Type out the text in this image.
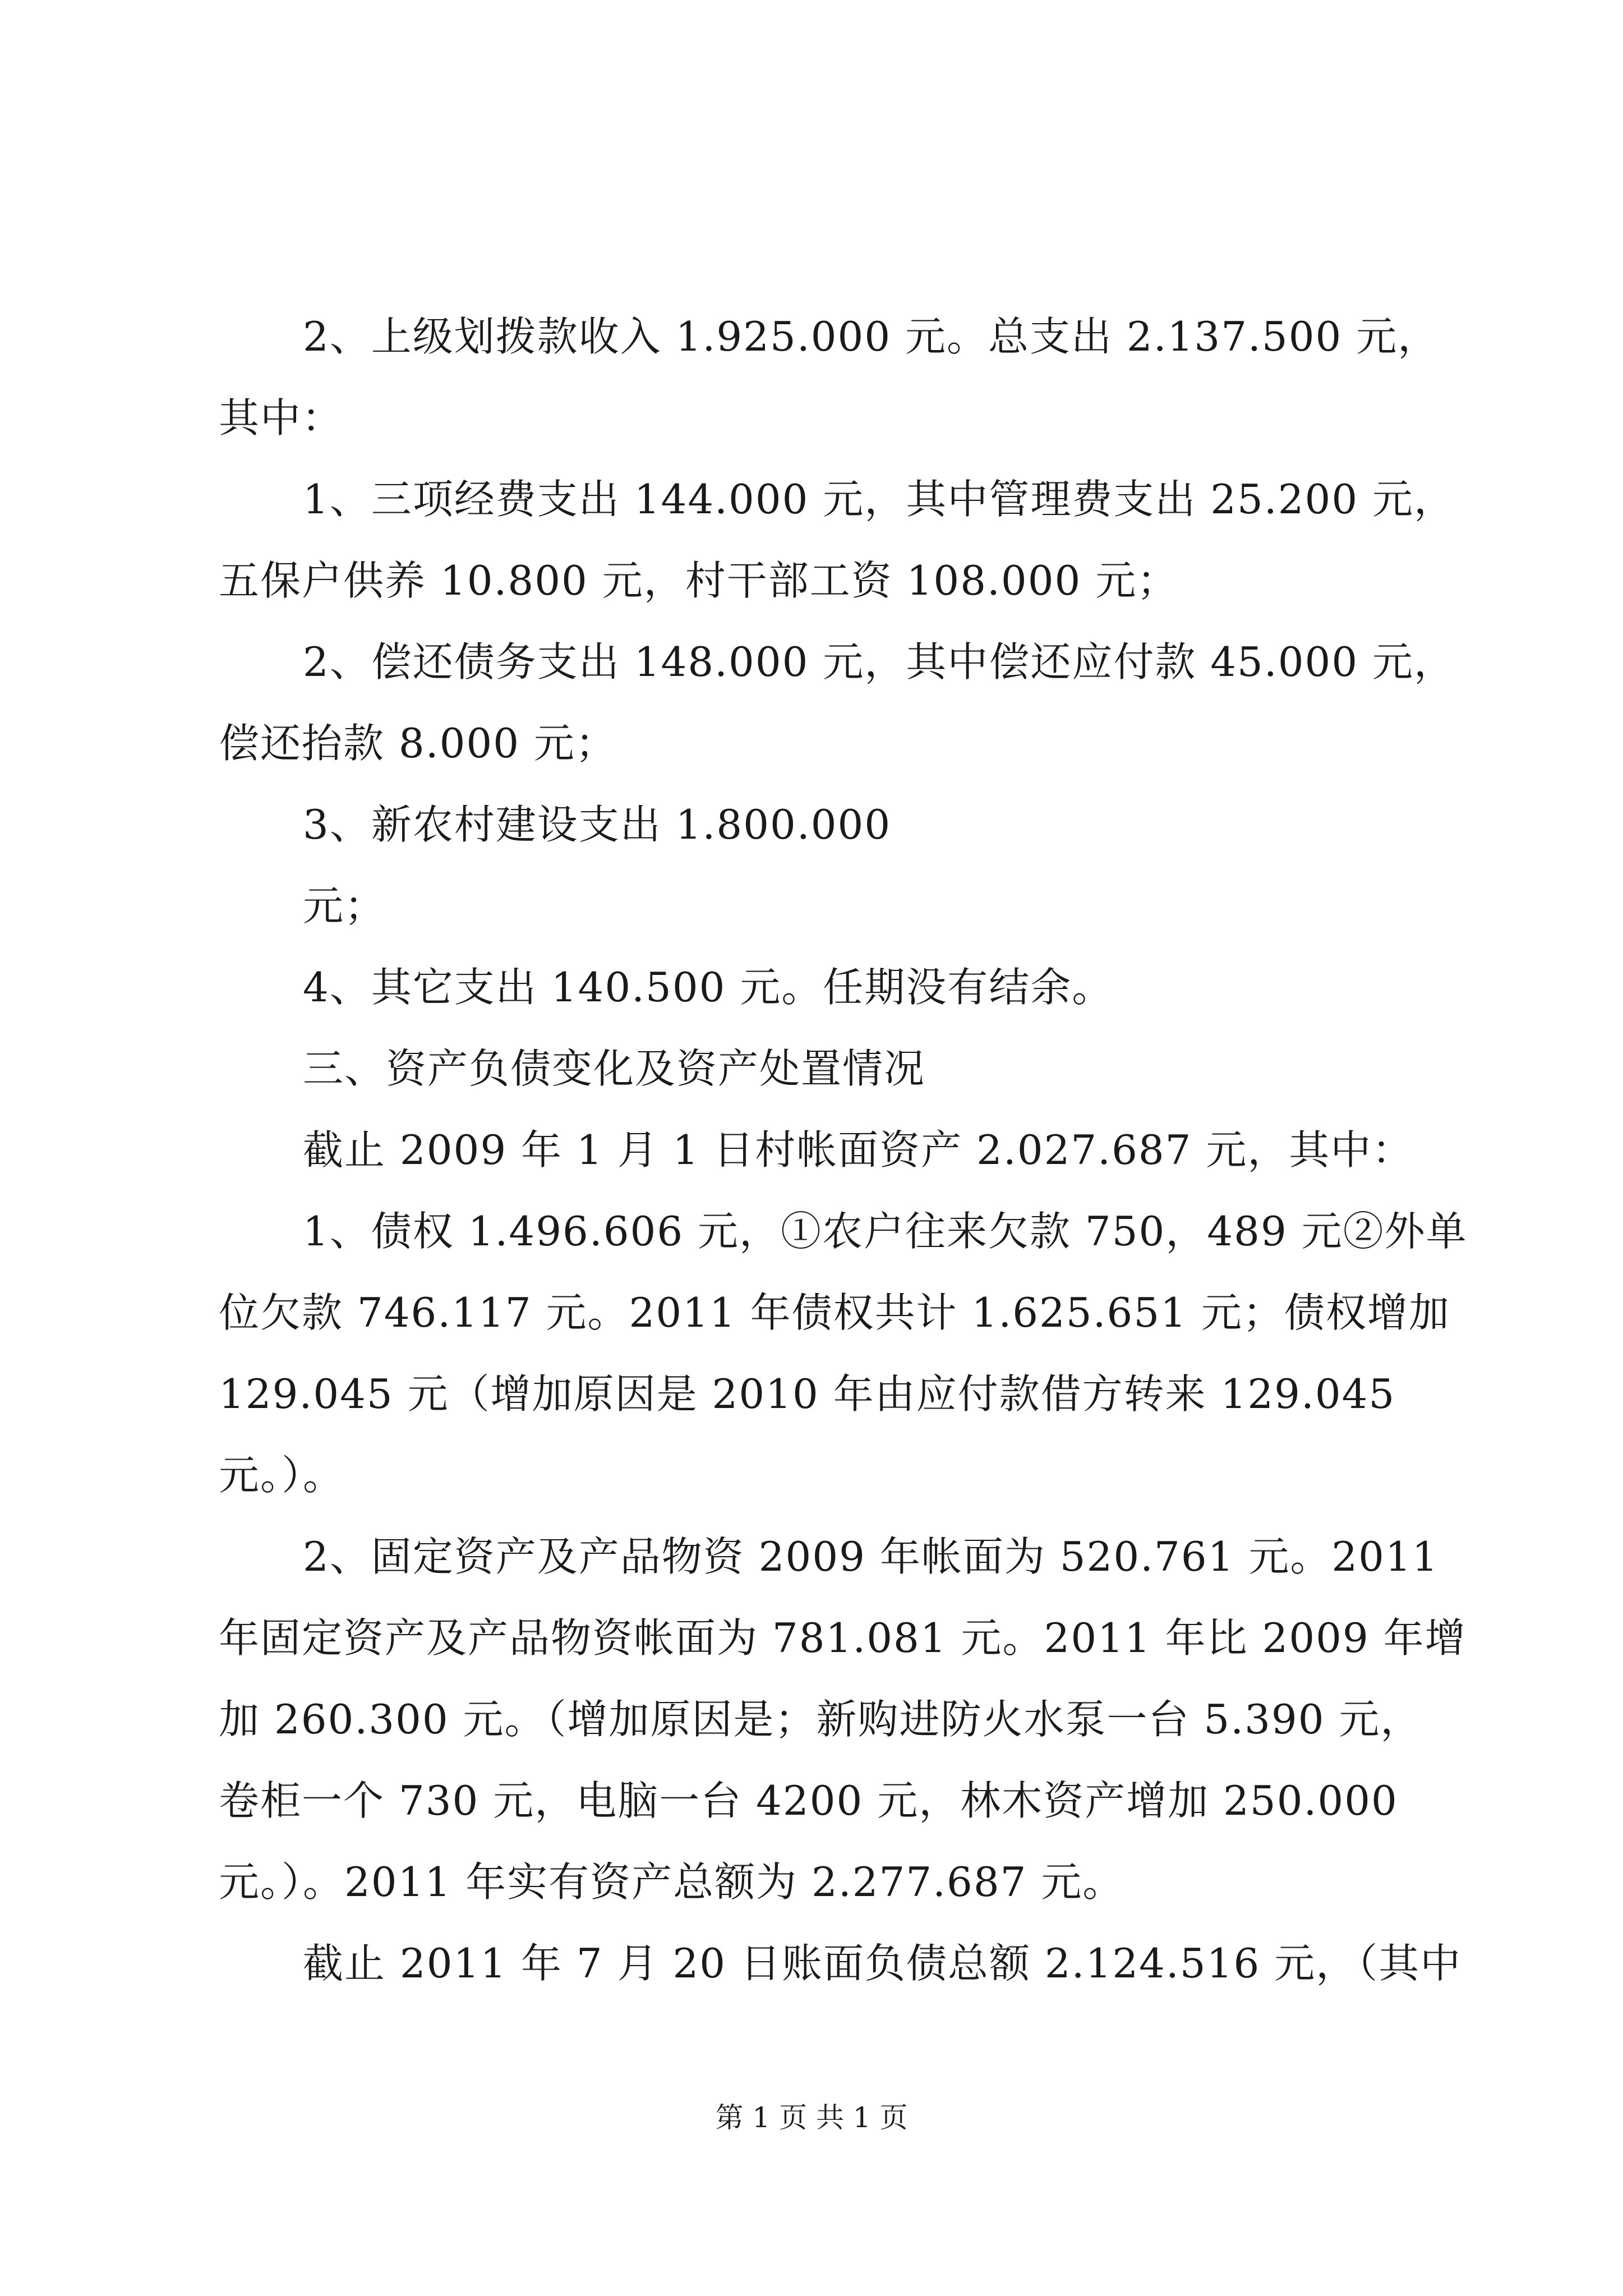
2、上级划拨款收入 1.925.000 元。总支出 2.137.500 元，
其中：
1、三项经费支出 144.000 元，其中管理费支出 25.200 元，
五保户供养 10.800 元，村干部工资 108.000 元；
2、偿还债务支出 148.000 元，其中偿还应付款 45.000 元，
偿还抬款 8.000 元；
3、新农村建设支出 1.800.000
元；
4、其它支出 140.500 元。任期没有结余。
三、资产负债变化及资产处置情况
截止 2009 年 1 月 1 日村帐面资产 2.027.687 元，其中：
1、债权 1.496.606 元，①农户往来欠款 750，489 元②外单
位欠款 746.117 元。2011 年债权共计 1.625.651 元；债权增加
129.045 元（增加原因是 2010 年由应付款借方转来 129.045
元。）。
2、固定资产及产品物资 2009 年帐面为 520.761 元。2011
年固定资产及产品物资帐面为 781.081 元。2011 年比 2009 年增
加 260.300 元。（增加原因是；新购进防火水泵一台 5.390 元，
卷柜一个 730 元，电脑一台 4200 元，林木资产增加 250.000
元。）。2011 年实有资产总额为 2.277.687 元。
截止 2011 年 7 月 20 日账面负债总额 2.124.516 元，（其中
第 1 页 共 1 页
